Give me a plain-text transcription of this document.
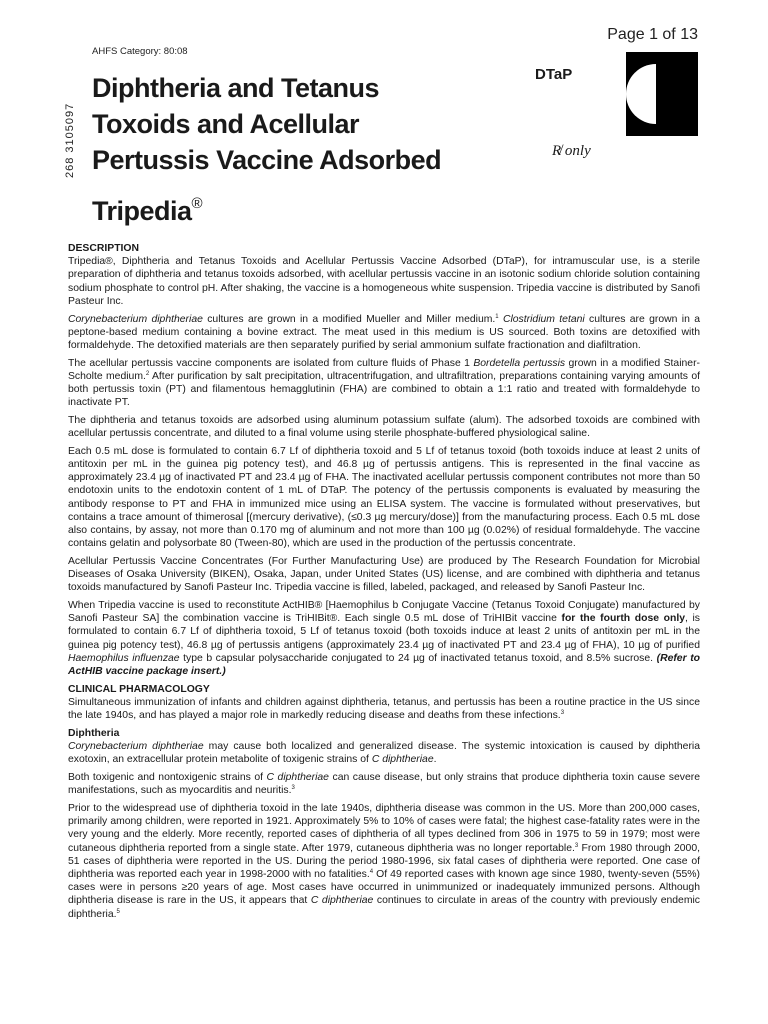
Page 1 of 13
AHFS Category: 80:08
268 3105097
Diphtheria and Tetanus
Toxoids and Acellular
Pertussis Vaccine Adsorbed
Tripedia®
DTaP
R̸ only
DESCRIPTION

Tripedia®, Diphtheria and Tetanus Toxoids and Acellular Pertussis Vaccine Adsorbed (DTaP), for intramuscular use, is a sterile preparation of diphtheria and tetanus toxoids adsorbed, with acellular pertussis vaccine in an isotonic sodium chloride solution containing sodium phosphate to control pH. After shaking, the vaccine is a homogeneous white suspension. Tripedia vaccine is distributed by Sanofi Pasteur Inc.

Corynebacterium diphtheriae cultures are grown in a modified Mueller and Miller medium.$^1$ Clostridium tetani cultures are grown in a peptone-based medium containing a bovine extract. The meat used in this medium is US sourced. Both toxins are detoxified with formaldehyde. The detoxified materials are then separately purified by serial ammonium sulfate fractionation and diafiltration.

The acellular pertussis vaccine components are isolated from culture fluids of Phase 1 Bordetella pertussis grown in a modified Stainer-Scholte medium.$^2$ After purification by salt precipitation, ultracentrifugation, and ultrafiltration, preparations containing varying amounts of both pertussis toxin (PT) and filamentous hemagglutinin (FHA) are combined to obtain a 1:1 ratio and treated with formaldehyde to inactivate PT.

The diphtheria and tetanus toxoids are adsorbed using aluminum potassium sulfate (alum). The adsorbed toxoids are combined with acellular pertussis concentrate, and diluted to a final volume using sterile phosphate-buffered physiological saline.

Each 0.5 mL dose is formulated to contain 6.7 Lf of diphtheria toxoid and 5 Lf of tetanus toxoid (both toxoids induce at least 2 units of antitoxin per mL in the guinea pig potency test), and 46.8 µg of pertussis antigens. This is represented in the final vaccine as approximately 23.4 µg of inactivated PT and 23.4 µg of FHA. The inactivated acellular pertussis component contributes not more than 50 endotoxin units to the endotoxin content of 1 mL of DTaP. The potency of the pertussis components is evaluated by measuring the antibody response to PT and FHA in immunized mice using an ELISA system. The vaccine is formulated without preservatives, but contains a trace amount of thimerosal [(mercury derivative), (≤0.3 µg mercury/dose)] from the manufacturing process. Each 0.5 mL dose also contains, by assay, not more than 0.170 mg of aluminum and not more than 100 µg (0.02%) of residual formaldehyde. The vaccine contains gelatin and polysorbate 80 (Tween-80), which are used in the production of the pertussis concentrate.

Acellular Pertussis Vaccine Concentrates (For Further Manufacturing Use) are produced by The Research Foundation for Microbial Diseases of Osaka University (BIKEN), Osaka, Japan, under United States (US) license, and are combined with diphtheria and tetanus toxoids manufactured by Sanofi Pasteur Inc. Tripedia vaccine is filled, labeled, packaged, and released by Sanofi Pasteur Inc.

When Tripedia vaccine is used to reconstitute ActHIB® [Haemophilus b Conjugate Vaccine (Tetanus Toxoid Conjugate) manufactured by Sanofi Pasteur SA] the combination vaccine is TriHIBit®. Each single 0.5 mL dose of TriHIBit vaccine for the fourth dose only, is formulated to contain 6.7 Lf of diphtheria toxoid, 5 Lf of tetanus toxoid (both toxoids induce at least 2 units of antitoxin per mL in the guinea pig potency test), 46.8 µg of pertussis antigens (approximately 23.4 µg of inactivated PT and 23.4 µg of FHA), 10 µg of purified Haemophilus influenzae type b capsular polysaccharide conjugated to 24 µg of inactivated tetanus toxoid, and 8.5% sucrose. (Refer to ActHIB vaccine package insert.)

CLINICAL PHARMACOLOGY

Simultaneous immunization of infants and children against diphtheria, tetanus, and pertussis has been a routine practice in the US since the late 1940s, and has played a major role in markedly reducing disease and deaths from these infections.$^3$

Diphtheria

Corynebacterium diphtheriae may cause both localized and generalized disease. The systemic intoxication is caused by diphtheria exotoxin, an extracellular protein metabolite of toxigenic strains of C diphtheriae.

Both toxigenic and nontoxigenic strains of C diphtheriae can cause disease, but only strains that produce diphtheria toxin cause severe manifestations, such as myocarditis and neuritis.$^3$

Prior to the widespread use of diphtheria toxoid in the late 1940s, diphtheria disease was common in the US. More than 200,000 cases, primarily among children, were reported in 1921. Approximately 5% to 10% of cases were fatal; the highest case-fatality rates were in the very young and the elderly. More recently, reported cases of diphtheria of all types declined from 306 in 1975 to 59 in 1979; most were cutaneous diphtheria reported from a single state. After 1979, cutaneous diphtheria was no longer reportable.$^3$ From 1980 through 2000, 51 cases of diphtheria were reported in the US. During the period 1980-1996, six fatal cases of diphtheria were reported. One case of diphtheria was reported each year in 1998-2000 with no fatalities.$^4$ Of 49 reported cases with known age since 1980, twenty-seven (55%) cases were in persons ≥20 years of age. Most cases have occurred in unimmunized or inadequately immunized persons. Although diphtheria disease is rare in the US, it appears that C diphtheriae continues to circulate in areas of the country with previously endemic diphtheria.$^5$
